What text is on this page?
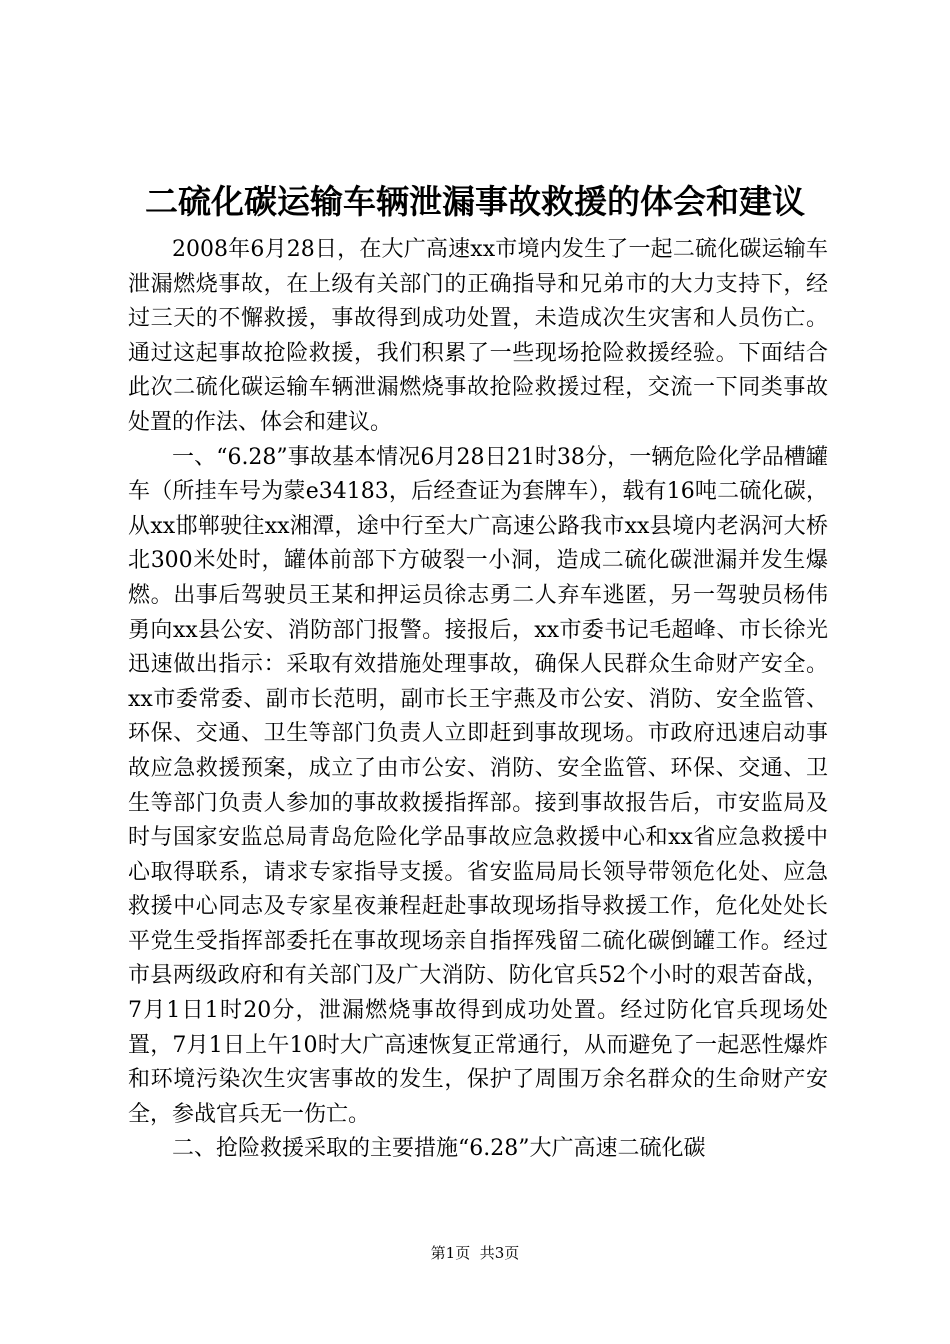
二硫化碳运输车辆泄漏事故救援的体会和建议

2008年6月28日，在大广高速xx市境内发生了一起二硫化碳运输车泄漏燃烧事故，在上级有关部门的正确指导和兄弟市的大力支持下，经过三天的不懈救援，事故得到成功处置，未造成次生灾害和人员伤亡。通过这起事故抢险救援，我们积累了一些现场抢险救援经验。下面结合此次二硫化碳运输车辆泄漏燃烧事故抢险救援过程，交流一下同类事故处置的作法、体会和建议。

一、“6.28”事故基本情况6月28日21时38分，一辆危险化学品槽罐车（所挂车号为蒙e34183，后经查证为套牌车），载有16吨二硫化碳，从xx邯郸驶往xx湘潭，途中行至大广高速公路我市xx县境内老涡河大桥北300米处时，罐体前部下方破裂一小洞，造成二硫化碳泄漏并发生爆燃。出事后驾驶员王某和押运员徐志勇二人弃车逃匿，另一驾驶员杨伟勇向xx县公安、消防部门报警。接报后，xx市委书记毛超峰、市长徐光迅速做出指示：采取有效措施处理事故，确保人民群众生命财产安全。xx市委常委、副市长范明，副市长王宇燕及市公安、消防、安全监管、环保、交通、卫生等部门负责人立即赶到事故现场。市政府迅速启动事故应急救援预案，成立了由市公安、消防、安全监管、环保、交通、卫生等部门负责人参加的事故救援指挥部。接到事故报告后，市安监局及时与国家安监总局青岛危险化学品事故应急救援中心和xx省应急救援中心取得联系，请求专家指导支援。省安监局局长领导带领危化处、应急救援中心同志及专家星夜兼程赶赴事故现场指导救援工作，危化处处长平党生受指挥部委托在事故现场亲自指挥残留二硫化碳倒罐工作。经过市县两级政府和有关部门及广大消防、防化官兵52个小时的艰苦奋战，7月1日1时20分，泄漏燃烧事故得到成功处置。经过防化官兵现场处置，7月1日上午10时大广高速恢复正常通行，从而避免了一起恶性爆炸和环境污染次生灾害事故的发生，保护了周围万余名群众的生命财产安全，参战官兵无一伤亡。

二、抢险救援采取的主要措施“6.28”大广高速二硫化碳

第1页 共3页
